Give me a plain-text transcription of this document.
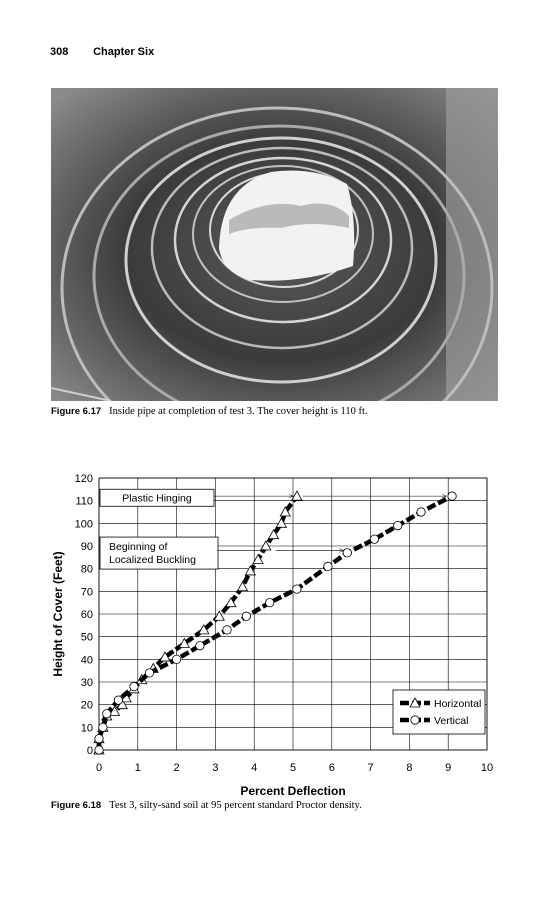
308 Chapter Six
Figure 6.17 Inside pipe at completion of test 3. The cover height is 110 ft.
0
10
20
30
40
50
60
70
80
90
100
110
120
0	1	2	3	4	5	6	7	8	9	10
Percent Deflection
Height of Cover (Feet)
Plastic Hinging
Beginning of
Localized Buckling
Horizontal
Vertical
Figure 6.18 Test 3, silty-sand soil at 95 percent standard Proctor density.
